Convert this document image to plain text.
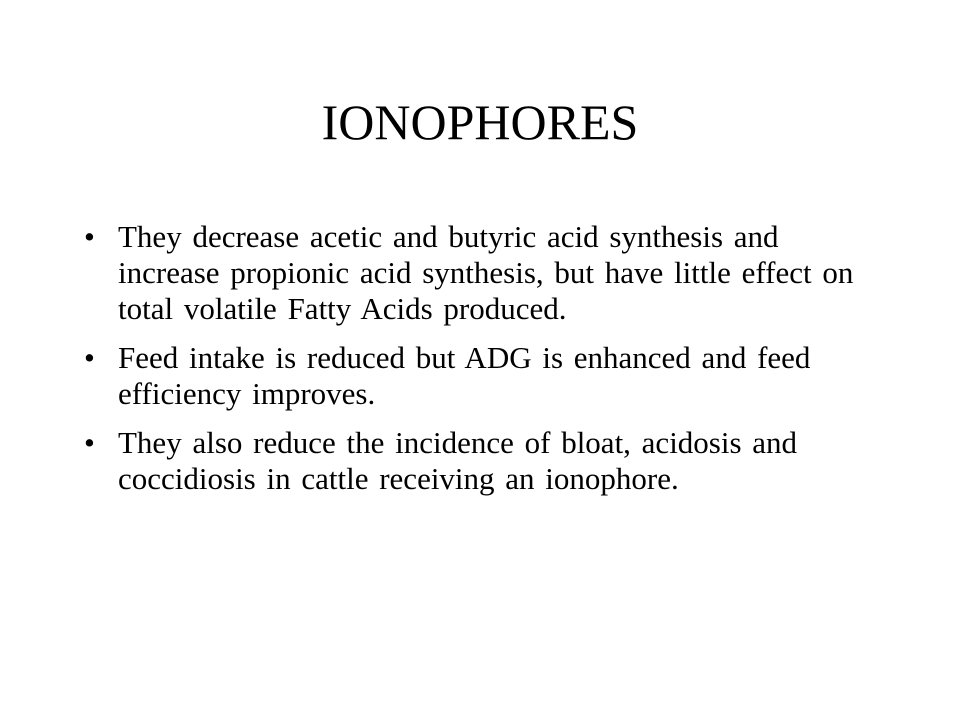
IONOPHORES
• They decrease acetic and butyric acid synthesis and increase propionic acid synthesis, but have little effect on total volatile Fatty Acids produced.
• Feed intake is reduced but ADG is enhanced and feed efficiency improves.
• They also reduce the incidence of bloat, acidosis and coccidiosis in cattle receiving an ionophore.
